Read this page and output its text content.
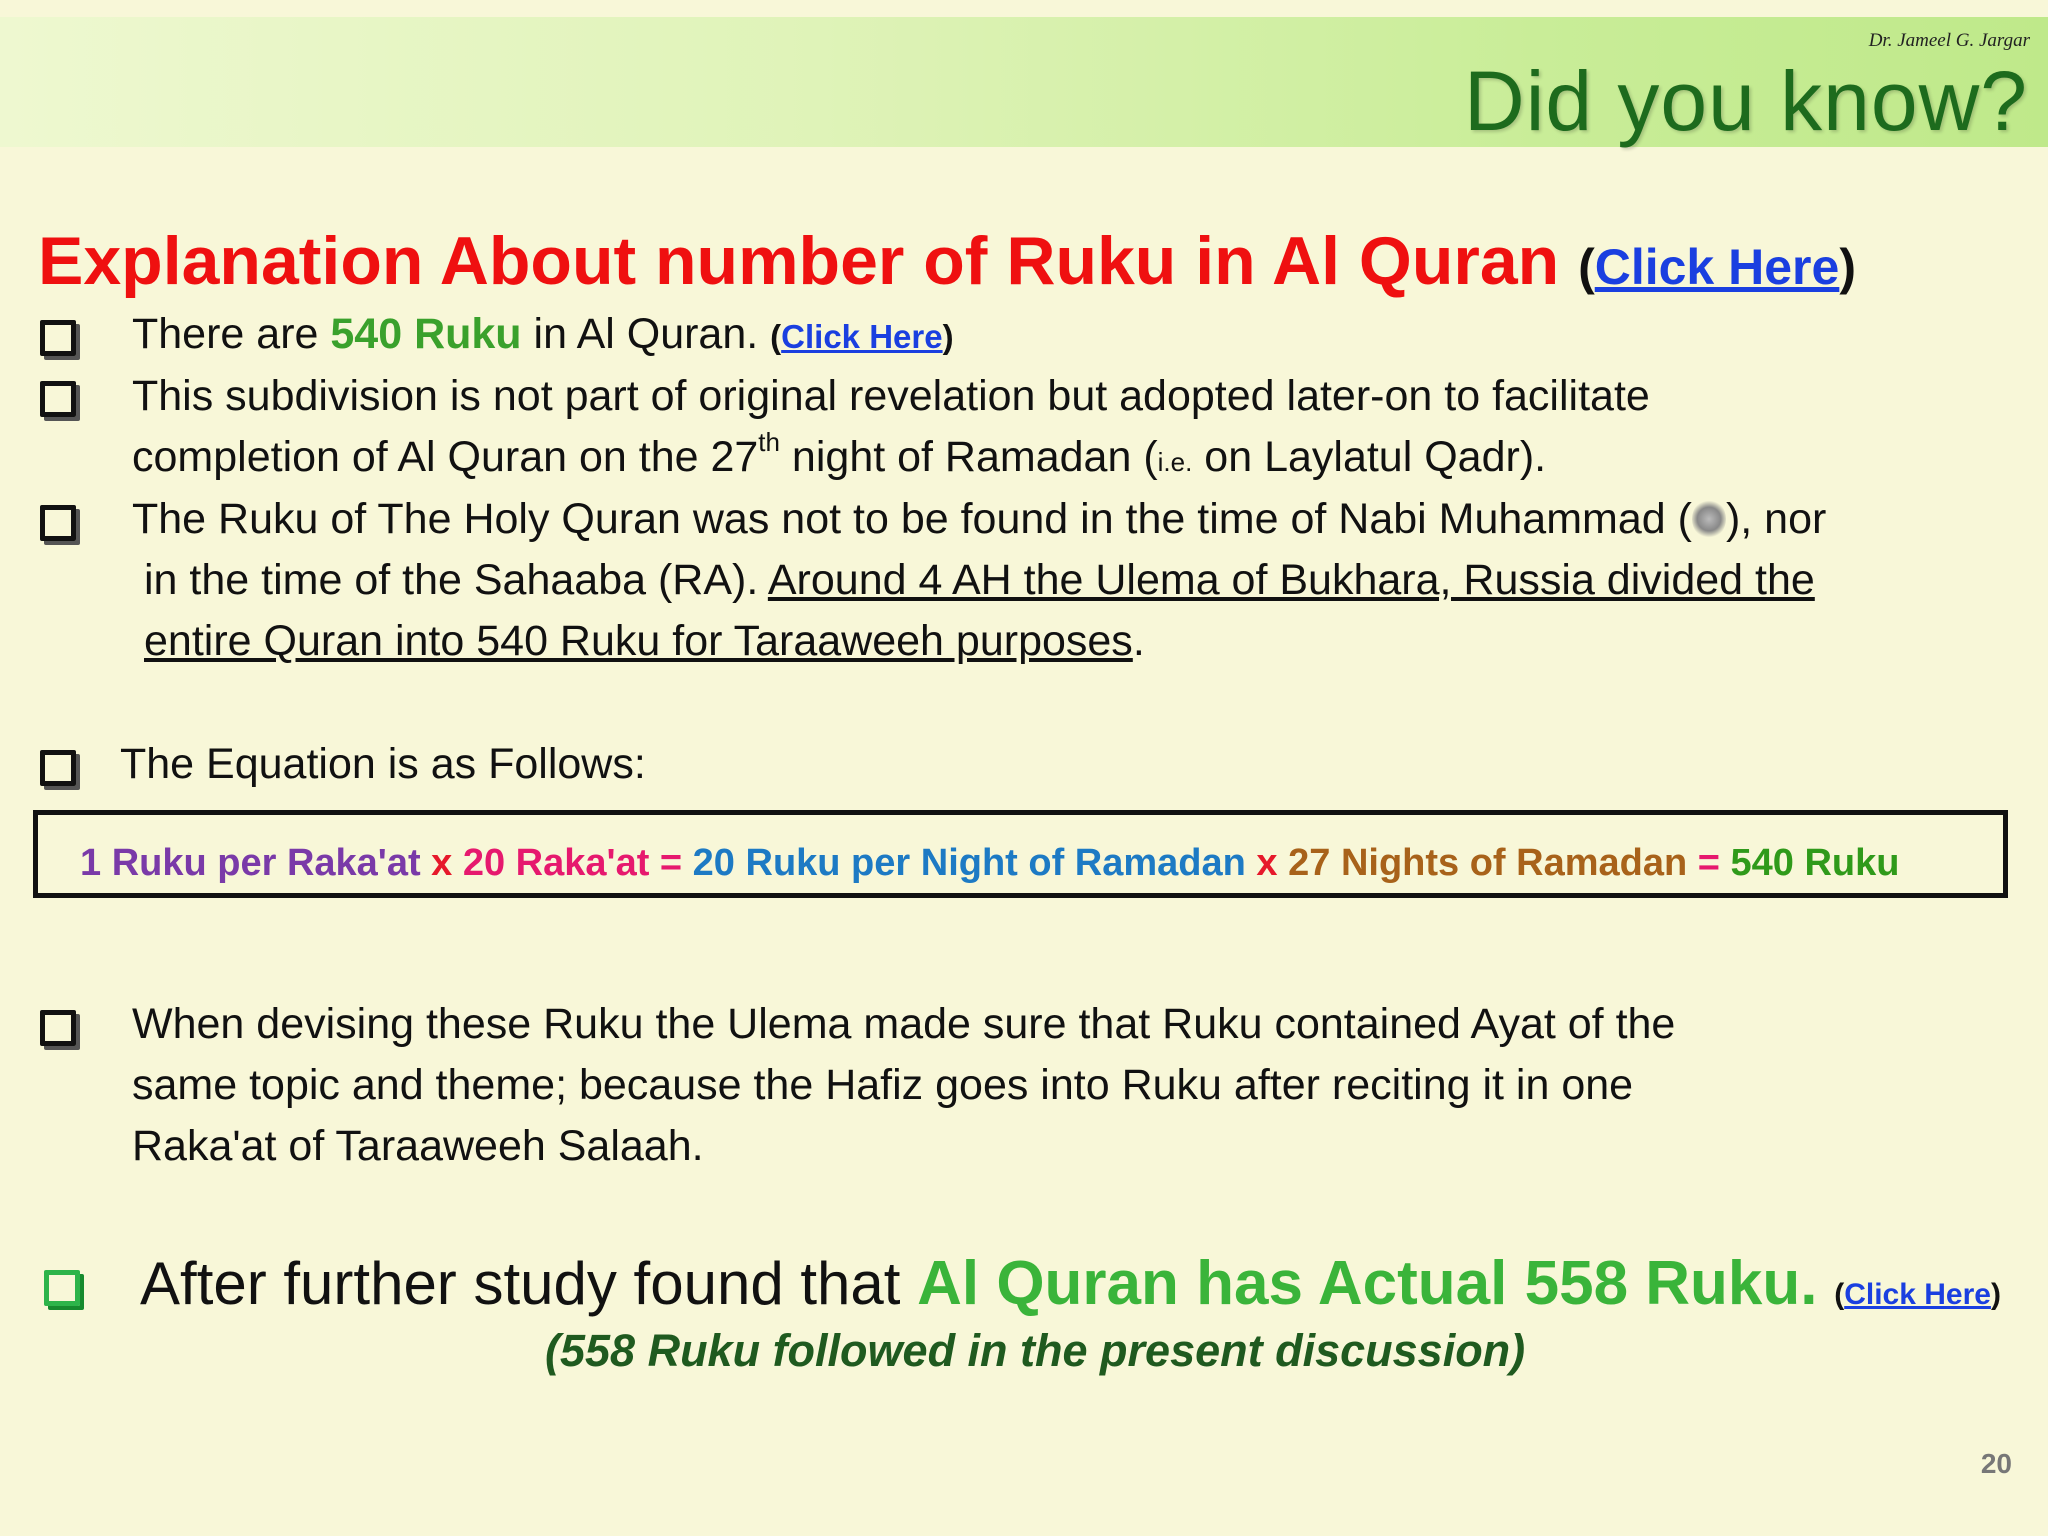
Dr. Jameel G. Jargar
Did you know?
Explanation About number of Ruku in Al Quran (Click Here)
There are 540 Ruku in Al Quran. (Click Here)
This subdivision is not part of original revelation but adopted later-on to facilitate
completion of Al Quran on the 27th night of Ramadan (i.e. on Laylatul Qadr).
The Ruku of The Holy Quran was not to be found in the time of Nabi Muhammad ( ), nor
in the time of the Sahaaba (RA). Around 4 AH the Ulema of Bukhara, Russia divided the
entire Quran into 540 Ruku for Taraaweeh purposes.
The Equation is as Follows:
1 Ruku per Raka'at x 20 Raka'at = 20 Ruku per Night of Ramadan x 27 Nights of Ramadan = 540 Ruku
When devising these Ruku the Ulema made sure that Ruku contained Ayat of the
same topic and theme; because the Hafiz goes into Ruku after reciting it in one
Raka'at of Taraaweeh Salaah.
After further study found that Al Quran has Actual 558 Ruku. (Click Here)
(558 Ruku followed in the present discussion)
20
